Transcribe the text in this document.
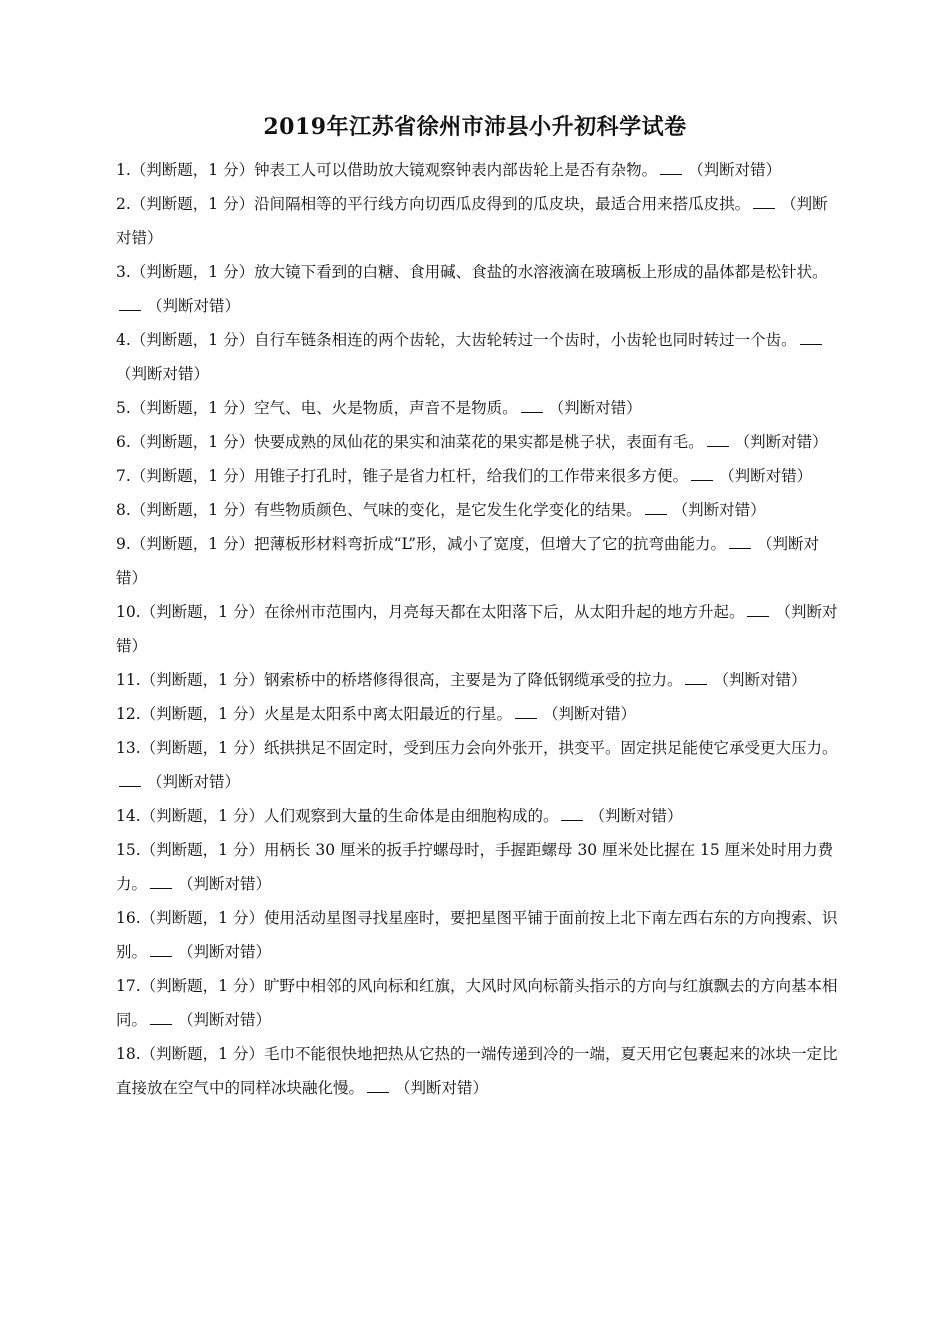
2019年江苏省徐州市沛县小升初科学试卷

1.（判断题，1 分）钟表工人可以借助放大镜观察钟表内部齿轮上是否有杂物。 （判断对错）

2.（判断题，1 分）沿间隔相等的平行线方向切西瓜皮得到的瓜皮块，最适合用来搭瓜皮拱。 （判断对错）

3.（判断题，1 分）放大镜下看到的白糖、食用碱、食盐的水溶液滴在玻璃板上形成的晶体都是松针状。（判断对错）

4.（判断题，1 分）自行车链条相连的两个齿轮，大齿轮转过一个齿时，小齿轮也同时转过一个齿。（判断对错）

5.（判断题，1 分）空气、电、火是物质，声音不是物质。 （判断对错）

6.（判断题，1 分）快要成熟的凤仙花的果实和油菜花的果实都是桃子状，表面有毛。 （判断对错）

7.（判断题，1 分）用锥子打孔时，锥子是省力杠杆，给我们的工作带来很多方便。 （判断对错）

8.（判断题，1 分）有些物质颜色、气味的变化，是它发生化学变化的结果。 （判断对错）

9.（判断题，1 分）把薄板形材料弯折成“L”形，减小了宽度，但增大了它的抗弯曲能力。 （判断对错）

10.（判断题，1 分）在徐州市范围内，月亮每天都在太阳落下后，从太阳升起的地方升起。 （判断对错）

11.（判断题，1 分）钢索桥中的桥塔修得很高，主要是为了降低钢缆承受的拉力。 （判断对错）

12.（判断题，1 分）火星是太阳系中离太阳最近的行星。 （判断对错）

13.（判断题，1 分）纸拱拱足不固定时，受到压力会向外张开，拱变平。固定拱足能使它承受更大压力。（判断对错）

14.（判断题，1 分）人们观察到大量的生命体是由细胞构成的。 （判断对错）

15.（判断题，1 分）用柄长 30 厘米的扳手拧螺母时，手握距螺母 30 厘米处比握在 15 厘米处时用力费力。 （判断对错）

16.（判断题，1 分）使用活动星图寻找星座时，要把星图平铺于面前按上北下南左西右东的方向搜索、识别。 （判断对错）

17.（判断题，1 分）旷野中相邻的风向标和红旗，大风时风向标箭头指示的方向与红旗飘去的方向基本相同。 （判断对错）

18.（判断题，1 分）毛巾不能很快地把热从它热的一端传递到冷的一端，夏天用它包裹起来的冰块一定比直接放在空气中的同样冰块融化慢。 （判断对错）
